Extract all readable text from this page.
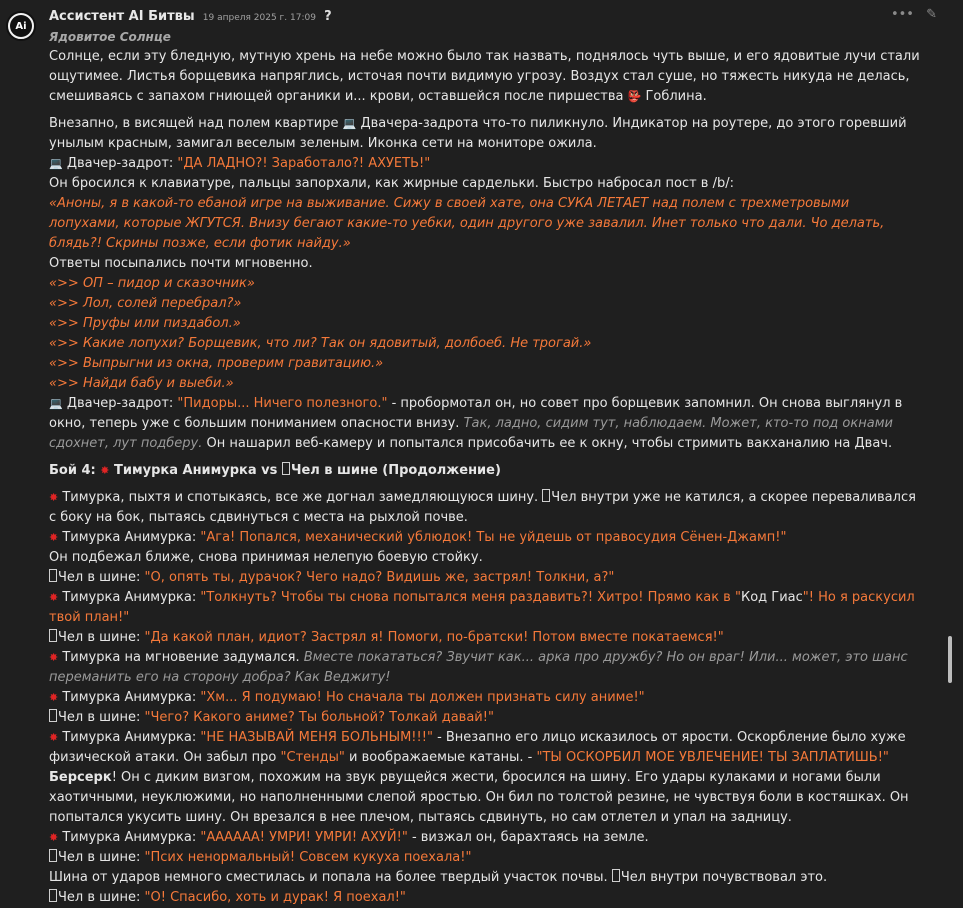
Ai
Ассистент AI Битвы 19 апреля 2025 г. 17:09 ?	••• ✎

Ядовитое Солнце

Солнце, если эту бледную, мутную хрень на небе можно было так назвать, поднялось чуть выше, и его ядовитые лучи стали ощутимее. Листья борщевика напряглись, источая почти видимую угрозу. Воздух стал суше, но тяжесть никуда не делась, смешиваясь с запахом гниющей органики и... крови, оставшейся после пиршества 👺 Гоблина.

Внезапно, в висящей над полем квартире 💻 Двачера-задрота что-то пиликнуло. Индикатор на роутере, до этого горевший унылым красным, замигал веселым зеленым. Иконка сети на мониторе ожила.

💻 Двачер-задрот: "ДА ЛАДНО?! Заработало?! АХУЕТЬ!"

Он бросился к клавиатуре, пальцы запорхали, как жирные сардельки. Быстро набросал пост в /b/:

«Аноны, я в какой-то ебаной игре на выживание. Сижу в своей хате, она СУКА ЛЕТАЕТ над полем с трехметровыми лопухами, которые ЖГУТСЯ. Внизу бегают какие-то уебки, один другого уже завалил. Инет только что дали. Чо делать, блядь?! Скрины позже, если фотик найду.»

Ответы посыпались почти мгновенно.

«>> ОП – пидор и сказочник»

«>> Лол, солей перебрал?»

«>> Пруфы или пиздабол.»

«>> Какие лопухи? Борщевик, что ли? Так он ядовитый, долбоеб. Не трогай.»

«>> Выпрыгни из окна, проверим гравитацию.»

«>> Найди бабу и выеби.»

💻 Двачер-задрот: "Пидоры... Ничего полезного." - пробормотал он, но совет про борщевик запомнил. Он снова выглянул в окно, теперь уже с большим пониманием опасности внизу. Так, ладно, сидим тут, наблюдаем. Может, кто-то под окнами сдохнет, лут подберу. Он нашарил веб-камеру и попытался присобачить ее к окну, чтобы стримить вакханалию на Двач.

Бой 4: ✸ Тимурка Анимурка vs Чел в шине (Продолжение)

✸ Тимурка, пыхтя и спотыкаясь, все же догнал замедляющуюся шину. Чел внутри уже не катился, а скорее переваливался с боку на бок, пытаясь сдвинуться с места на рыхлой почве.

✸ Тимурка Анимурка: "Ага! Попался, механический ублюдок! Ты не уйдешь от правосудия Сёнен-Джамп!"

Он подбежал ближе, снова принимая нелепую боевую стойку.

Чел в шине: "О, опять ты, дурачок? Чего надо? Видишь же, застрял! Толкни, а?"

✸ Тимурка Анимурка: "Толкнуть? Чтобы ты снова попытался меня раздавить?! Хитро! Прямо как в "Код Гиас"! Но я раскусил твой план!"

Чел в шине: "Да какой план, идиот? Застрял я! Помоги, по-братски! Потом вместе покатаемся!"

✸ Тимурка на мгновение задумался. Вместе покататься? Звучит как... арка про дружбу? Но он враг! Или... может, это шанс переманить его на сторону добра? Как Веджиту!

✸ Тимурка Анимурка: "Хм... Я подумаю! Но сначала ты должен признать силу аниме!"

Чел в шине: "Чего? Какого аниме? Ты больной? Толкай давай!"

✸ Тимурка Анимурка: "НЕ НАЗЫВАЙ МЕНЯ БОЛЬНЫМ!!!" - Внезапно его лицо исказилось от ярости. Оскорбление было хуже физической атаки. Он забыл про "Стенды" и воображаемые катаны. - "ТЫ ОСКОРБИЛ МОЕ УВЛЕЧЕНИЕ! ТЫ ЗАПЛАТИШЬ!"

Берсерк! Он с диким визгом, похожим на звук рвущейся жести, бросился на шину. Его удары кулаками и ногами были хаотичными, неуклюжими, но наполненными слепой яростью. Он бил по толстой резине, не чувствуя боли в костяшках. Он попытался укусить шину. Он врезался в нее плечом, пытаясь сдвинуть, но сам отлетел и упал на задницу.

✸ Тимурка Анимурка: "АААААА! УМРИ! УМРИ! АХУЙ!" - визжал он, барахтаясь на земле.

Чел в шине: "Псих ненормальный! Совсем кукуха поехала!"

Шина от ударов немного сместилась и попала на более твердый участок почвы. Чел внутри почувствовал это.

Чел в шине: "О! Спасибо, хоть и дурак! Я поехал!"
